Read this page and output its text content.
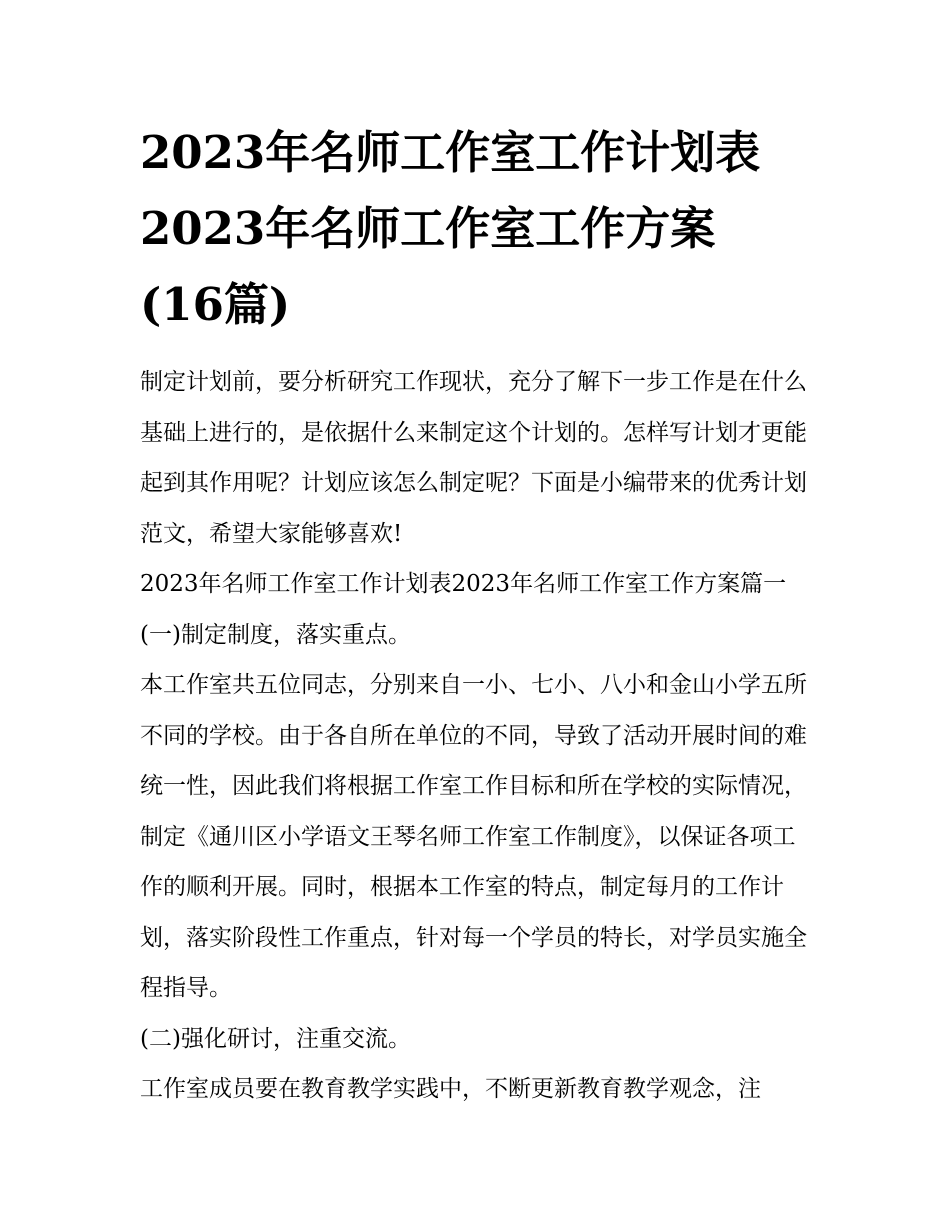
2023年名师工作室工作计划表
2023年名师工作室工作方案
(16篇)

制定计划前，要分析研究工作现状，充分了解下一步工作是在什么基础上进行的，是依据什么来制定这个计划的。怎样写计划才更能起到其作用呢？计划应该怎么制定呢？下面是小编带来的优秀计划范文，希望大家能够喜欢!

2023年名师工作室工作计划表2023年名师工作室工作方案篇一(一)制定制度，落实重点。

本工作室共五位同志，分别来自一小、七小、八小和金山小学五所不同的学校。由于各自所在单位的不同，导致了活动开展时间的难统一性，因此我们将根据工作室工作目标和所在学校的实际情况，制定《通川区小学语文王琴名师工作室工作制度》，以保证各项工作的顺利开展。同时，根据本工作室的特点，制定每月的工作计划，落实阶段性工作重点，针对每一个学员的特长，对学员实施全程指导。

(二)强化研讨，注重交流。

工作室成员要在教育教学实践中，不断更新教育教学观念，注
